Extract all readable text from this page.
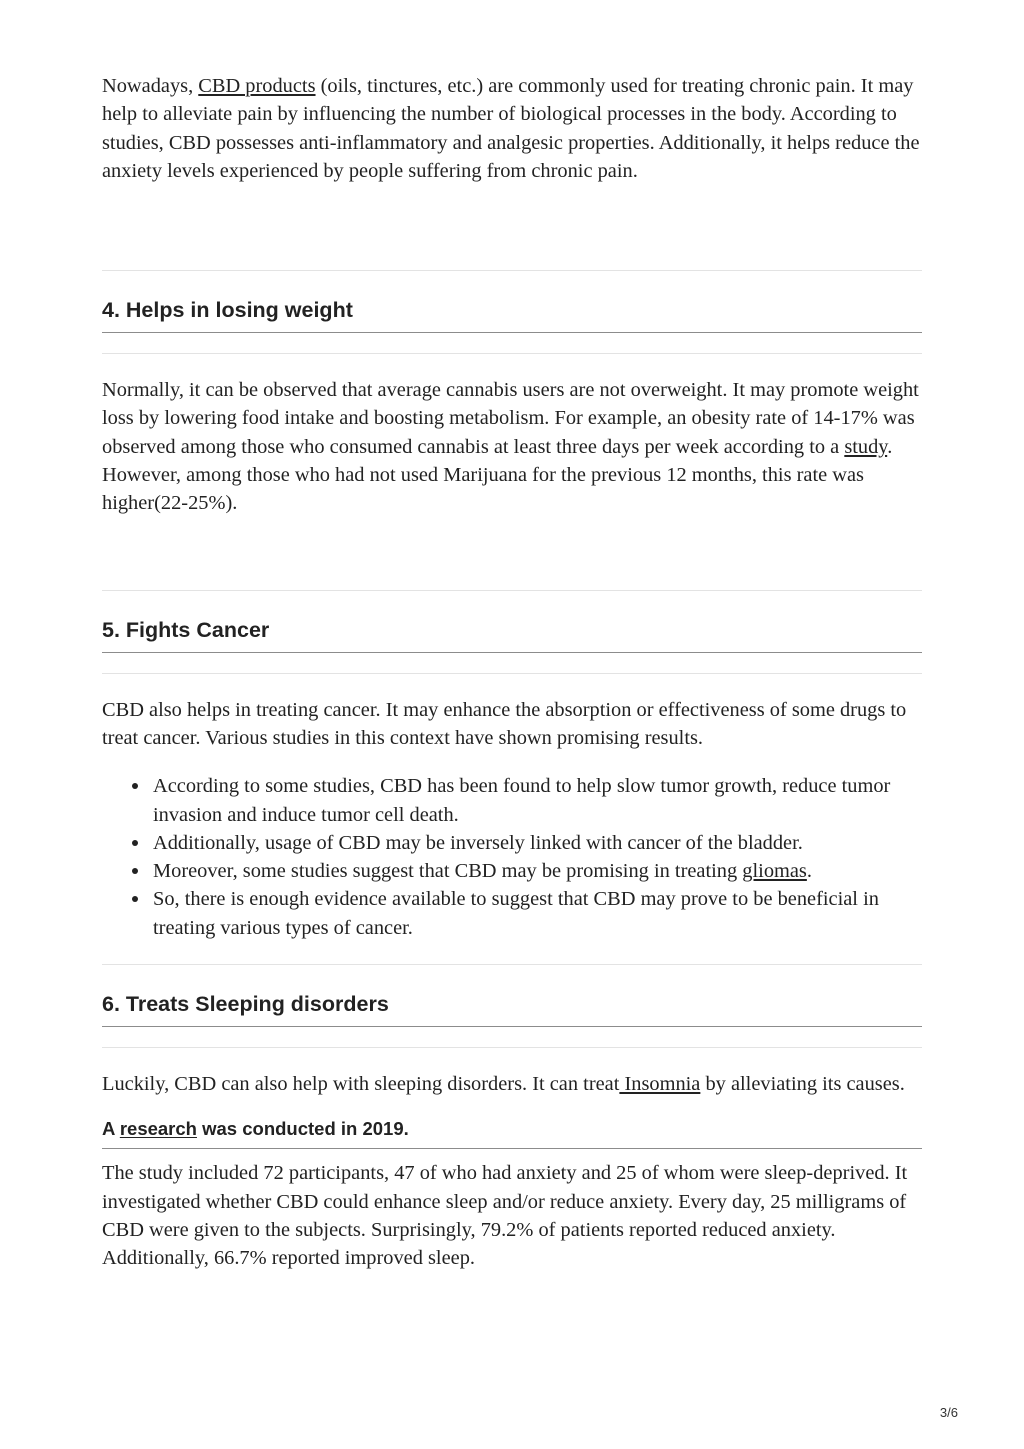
Nowadays, CBD products (oils, tinctures, etc.) are commonly used for treating chronic pain. It may help to alleviate pain by influencing the number of biological processes in the body. According to studies, CBD possesses anti-inflammatory and analgesic properties. Additionally, it helps reduce the anxiety levels experienced by people suffering from chronic pain.

4. Helps in losing weight

Normally, it can be observed that average cannabis users are not overweight. It may promote weight loss by lowering food intake and boosting metabolism. For example, an obesity rate of 14-17% was observed among those who consumed cannabis at least three days per week according to a study. However, among those who had not used Marijuana for the previous 12 months, this rate was higher(22-25%).

5. Fights Cancer

CBD also helps in treating cancer. It may enhance the absorption or effectiveness of some drugs to treat cancer. Various studies in this context have shown promising results.

According to some studies, CBD has been found to help slow tumor growth, reduce tumor invasion and induce tumor cell death.
Additionally, usage of CBD may be inversely linked with cancer of the bladder.
Moreover, some studies suggest that CBD may be promising in treating gliomas.
So, there is enough evidence available to suggest that CBD may prove to be beneficial in treating various types of cancer.
6. Treats Sleeping disorders

Luckily, CBD can also help with sleeping disorders. It can treat Insomnia by alleviating its causes.

A research was conducted in 2019.

The study included 72 participants, 47 of who had anxiety and 25 of whom were sleep-deprived. It investigated whether CBD could enhance sleep and/or reduce anxiety. Every day, 25 milligrams of CBD were given to the subjects. Surprisingly, 79.2% of patients reported reduced anxiety. Additionally, 66.7% reported improved sleep.

3/6
